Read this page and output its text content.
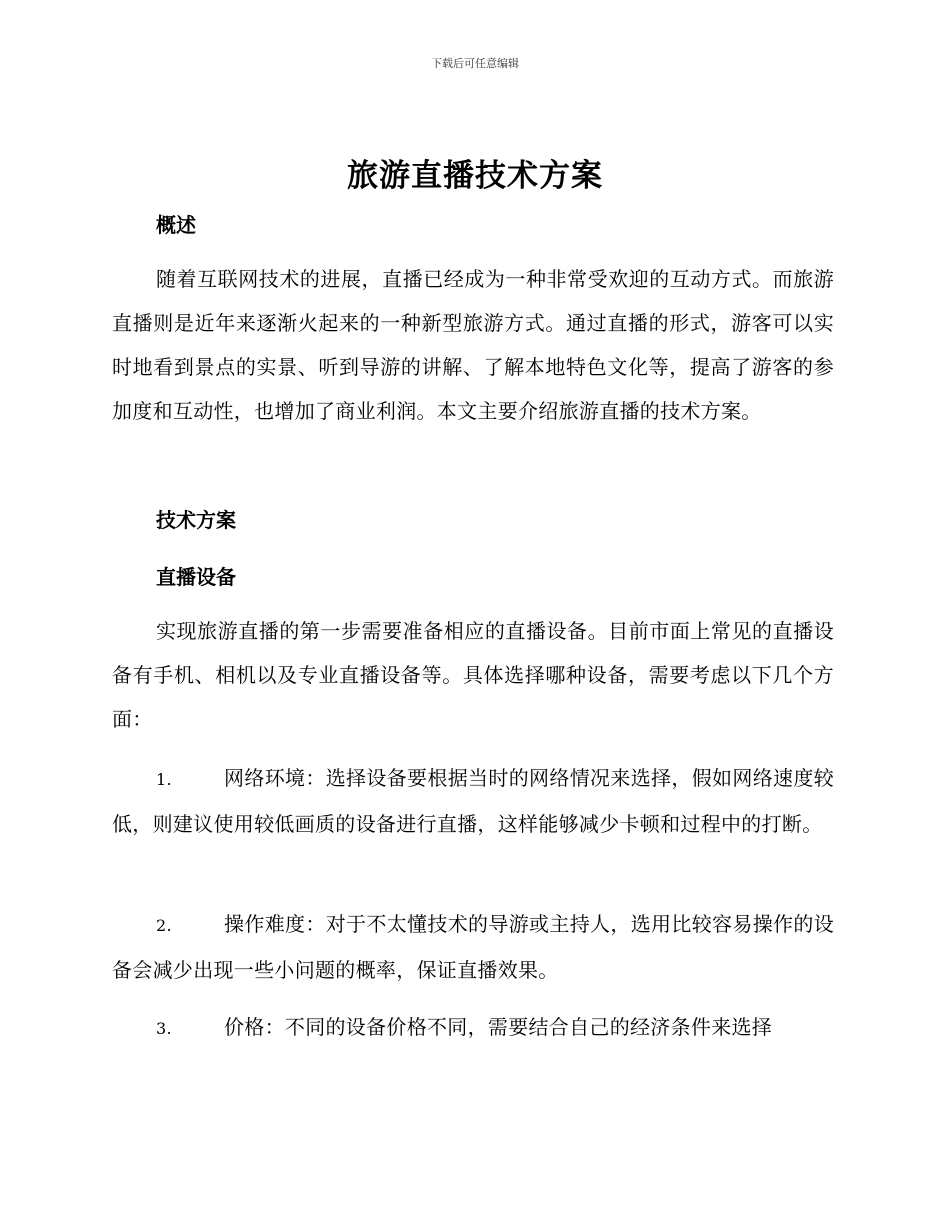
下载后可任意编辑
旅游直播技术方案
概述

随着互联网技术的进展，直播已经成为一种非常受欢迎的互动方式。而旅游直播则是近年来逐渐火起来的一种新型旅游方式。通过直播的形式，游客可以实时地看到景点的实景、听到导游的讲解、了解本地特色文化等，提高了游客的参加度和互动性，也增加了商业利润。本文主要介绍旅游直播的技术方案。

技术方案
直播设备

实现旅游直播的第一步需要准备相应的直播设备。目前市面上常见的直播设备有手机、相机以及专业直播设备等。具体选择哪种设备，需要考虑以下几个方面：

1.	网络环境：选择设备要根据当时的网络情况来选择，假如网络速度较低，则建议使用较低画质的设备进行直播，这样能够减少卡顿和过程中的打断。

2.	操作难度：对于不太懂技术的导游或主持人，选用比较容易操作的设备会减少出现一些小问题的概率，保证直播效果。

3.	价格：不同的设备价格不同，需要结合自己的经济条件来选择
